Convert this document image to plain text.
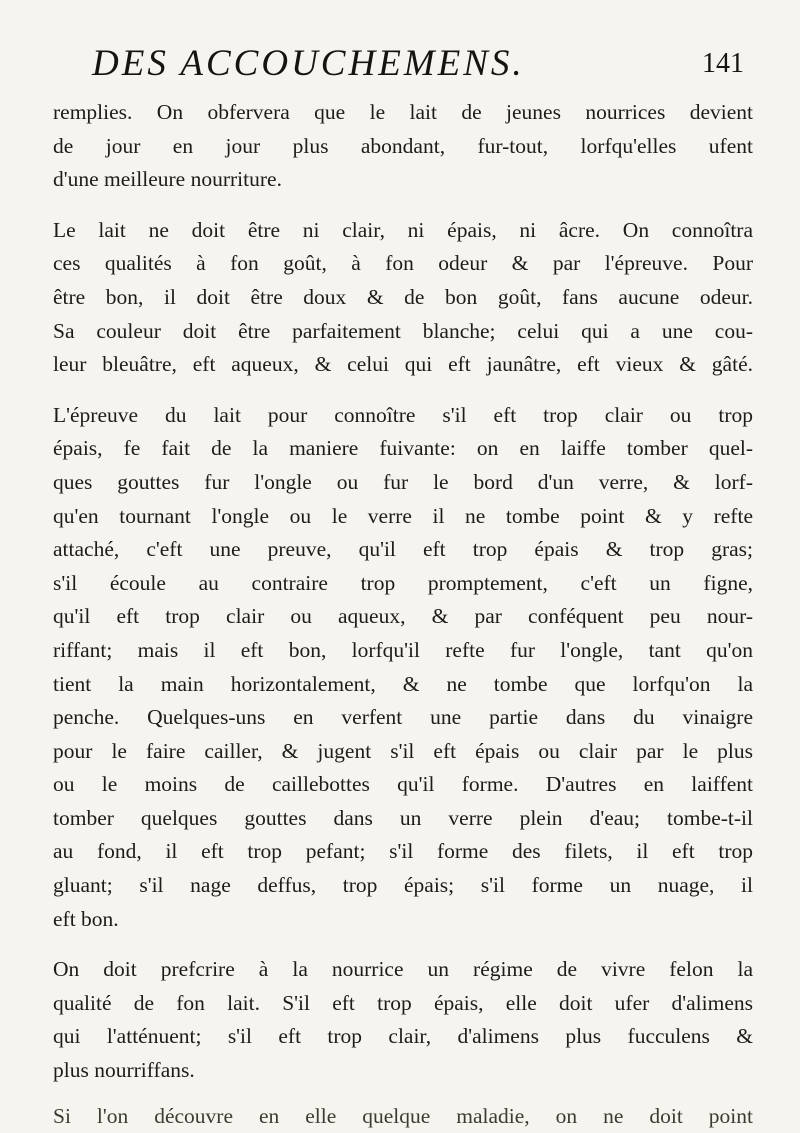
DES ACCOUCHEMENS.	141

remplies. On obfervera que le lait de jeunes nourrices devient
de jour en jour plus abondant, fur-tout, lorfqu'elles ufent
d'une meilleure nourriture.

Le lait ne doit être ni clair, ni épais, ni âcre. On connoîtra
ces qualités à fon goût, à fon odeur & par l'épreuve. Pour
être bon, il doit être doux & de bon goût, fans aucune odeur.
Sa couleur doit être parfaitement blanche; celui qui a une cou-
leur bleuâtre, eft aqueux, & celui qui eft jaunâtre, eft vieux & gâté.

L'épreuve du lait pour connoître s'il eft trop clair ou trop
épais, fe fait de la maniere fuivante: on en laiffe tomber quel-
ques gouttes fur l'ongle ou fur le bord d'un verre, & lorf-
qu'en tournant l'ongle ou le verre il ne tombe point & y refte
attaché, c'eft une preuve, qu'il eft trop épais & trop gras;
s'il écoule au contraire trop promptement, c'eft un figne,
qu'il eft trop clair ou aqueux, & par conféquent peu nour-
riffant; mais il eft bon, lorfqu'il refte fur l'ongle, tant qu'on
tient la main horizontalement, & ne tombe que lorfqu'on la
penche. Quelques-uns en verfent une partie dans du vinaigre
pour le faire cailler, & jugent s'il eft épais ou clair par le plus
ou le moins de caillebottes qu'il forme. D'autres en laiffent
tomber quelques gouttes dans un verre plein d'eau; tombe-t-il
au fond, il eft trop pefant; s'il forme des filets, il eft trop
gluant; s'il nage deffus, trop épais; s'il forme un nuage, il
eft bon.

On doit prefcrire à la nourrice un régime de vivre felon la
qualité de fon lait. S'il eft trop épais, elle doit ufer d'alimens
qui l'atténuent; s'il eft trop clair, d'alimens plus fucculens &
plus nourriffans.

Si l'on découvre en elle quelque maladie, on ne doit point
